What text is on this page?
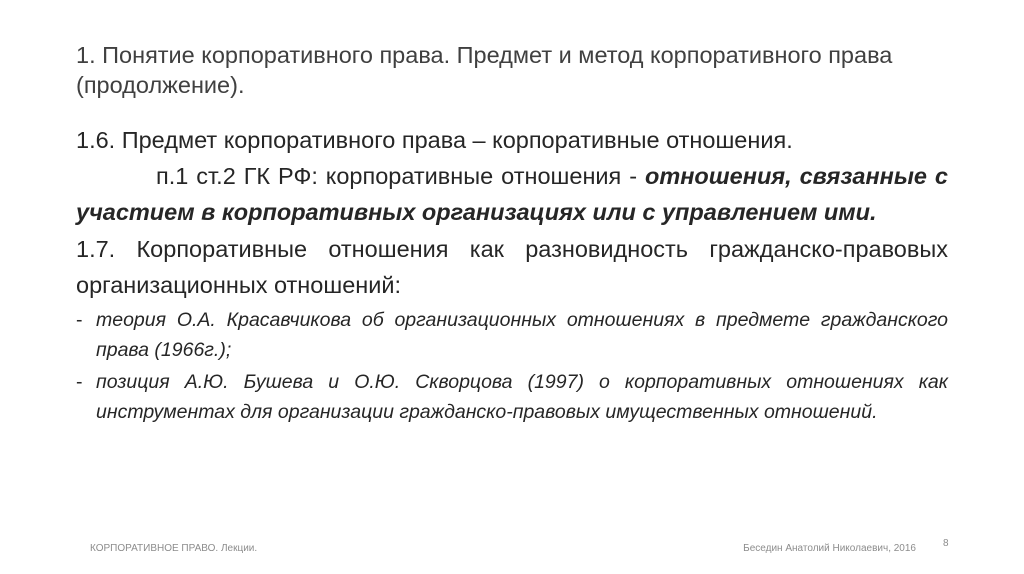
1. Понятие корпоративного права. Предмет и метод корпоративного права (продолжение).

1.6. Предмет корпоративного права – корпоративные отношения.

п.1 ст.2 ГК РФ: корпоративные отношения - отношения, связанные с участием в корпоративных организациях или с управлением ими.

1.7. Корпоративные отношения как разновидность гражданско-правовых организационных отношений:

- теория О.А. Красавчикова об организационных отношениях в предмете гражданского права (1966г.);
- позиция А.Ю. Бушева и О.Ю. Скворцова (1997) о корпоративных отношениях как инструментах для организации гражданско-правовых имущественных отношений.
КОРПОРАТИВНОЕ ПРАВО. Лекции.	Беседин Анатолий Николаевич, 2016	8
